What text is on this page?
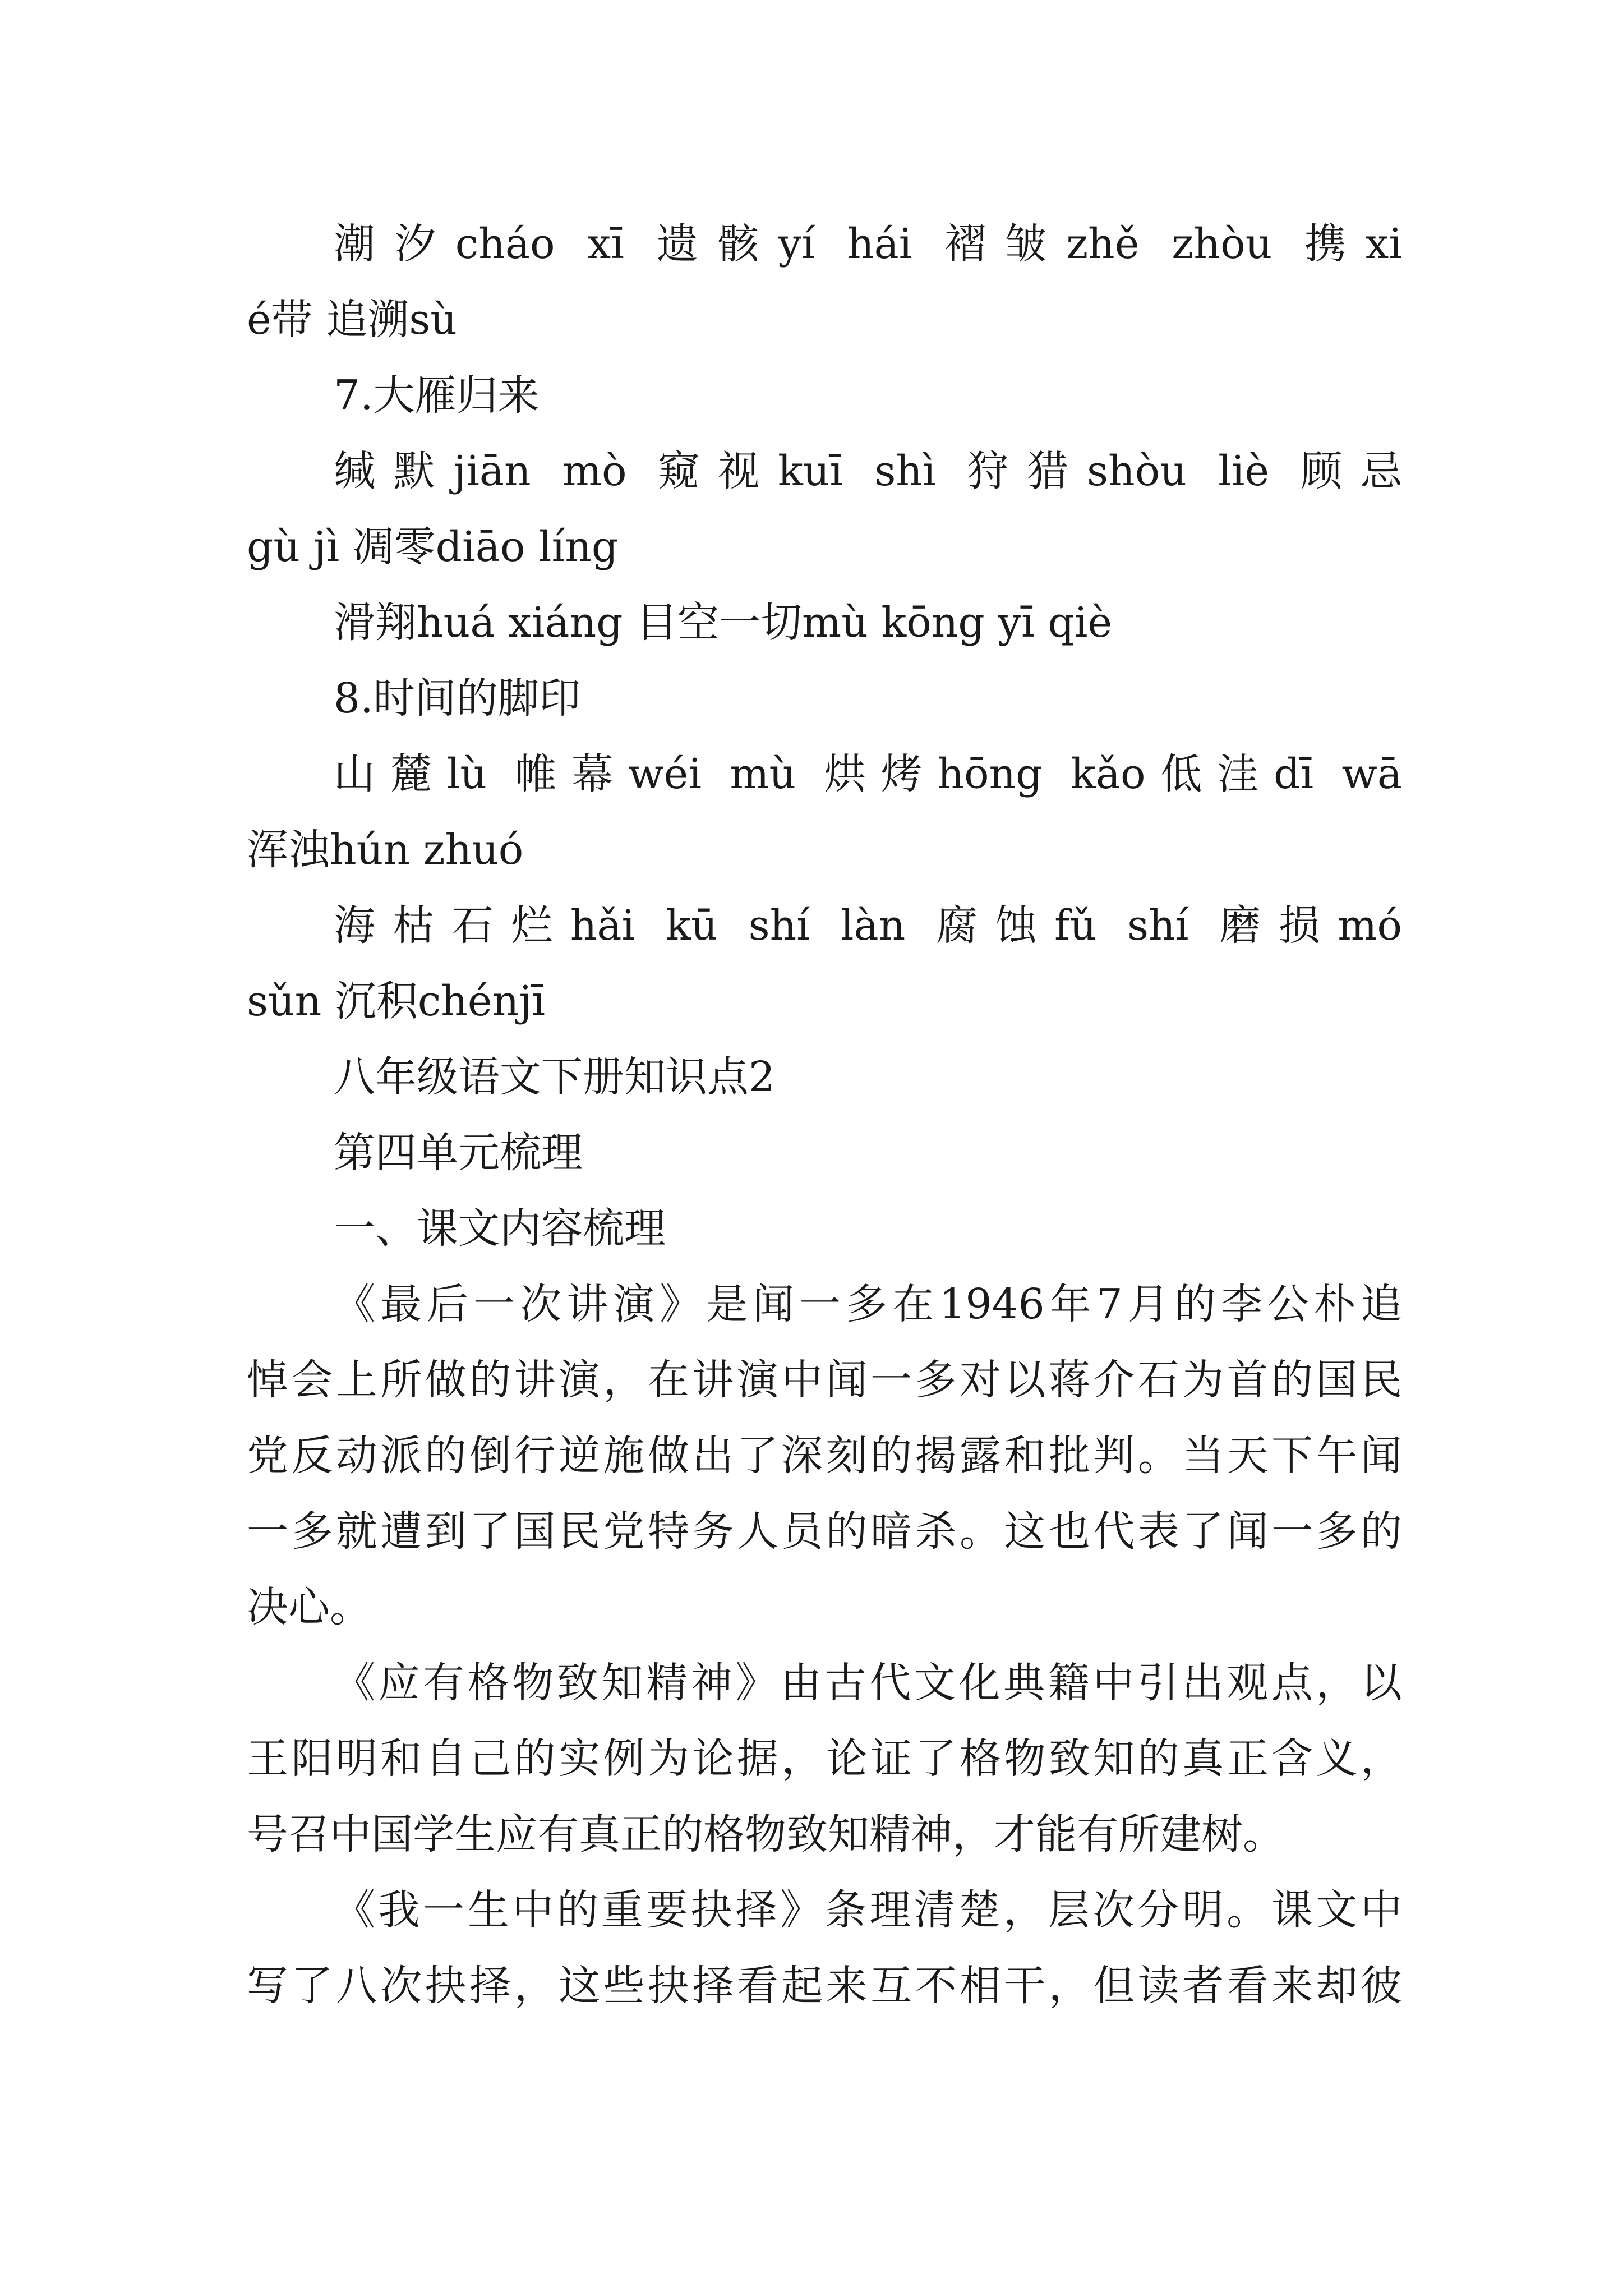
潮汐cháo xī 遗骸yí hái 褶皱zhě zhòu 携xi
é带 追溯sù
7.大雁归来
缄默jiān mò 窥视kuī shì 狩猎shòu liè 顾忌
gù jì 凋零diāo líng
滑翔huá xiáng 目空一切mù kōng yī qiè
8.时间的脚印
山麓lù 帷幕wéi mù 烘烤hōng kǎo低洼dī wā
浑浊hún zhuó
海枯石烂hǎi kū shí làn 腐蚀fǔ shí 磨损mó
sǔn 沉积chénjī
八年级语文下册知识点2
第四单元梳理
一、课文内容梳理
《最后一次讲演》是闻一多在1946年7月的李公朴追
悼会上所做的讲演，在讲演中闻一多对以蒋介石为首的国民
党反动派的倒行逆施做出了深刻的揭露和批判。当天下午闻
一多就遭到了国民党特务人员的暗杀。这也代表了闻一多的
决心。
《应有格物致知精神》由古代文化典籍中引出观点，以
王阳明和自己的实例为论据，论证了格物致知的真正含义，
号召中国学生应有真正的格物致知精神，才能有所建树。
《我一生中的重要抉择》条理清楚，层次分明。课文中
写了八次抉择，这些抉择看起来互不相干，但读者看来却彼
